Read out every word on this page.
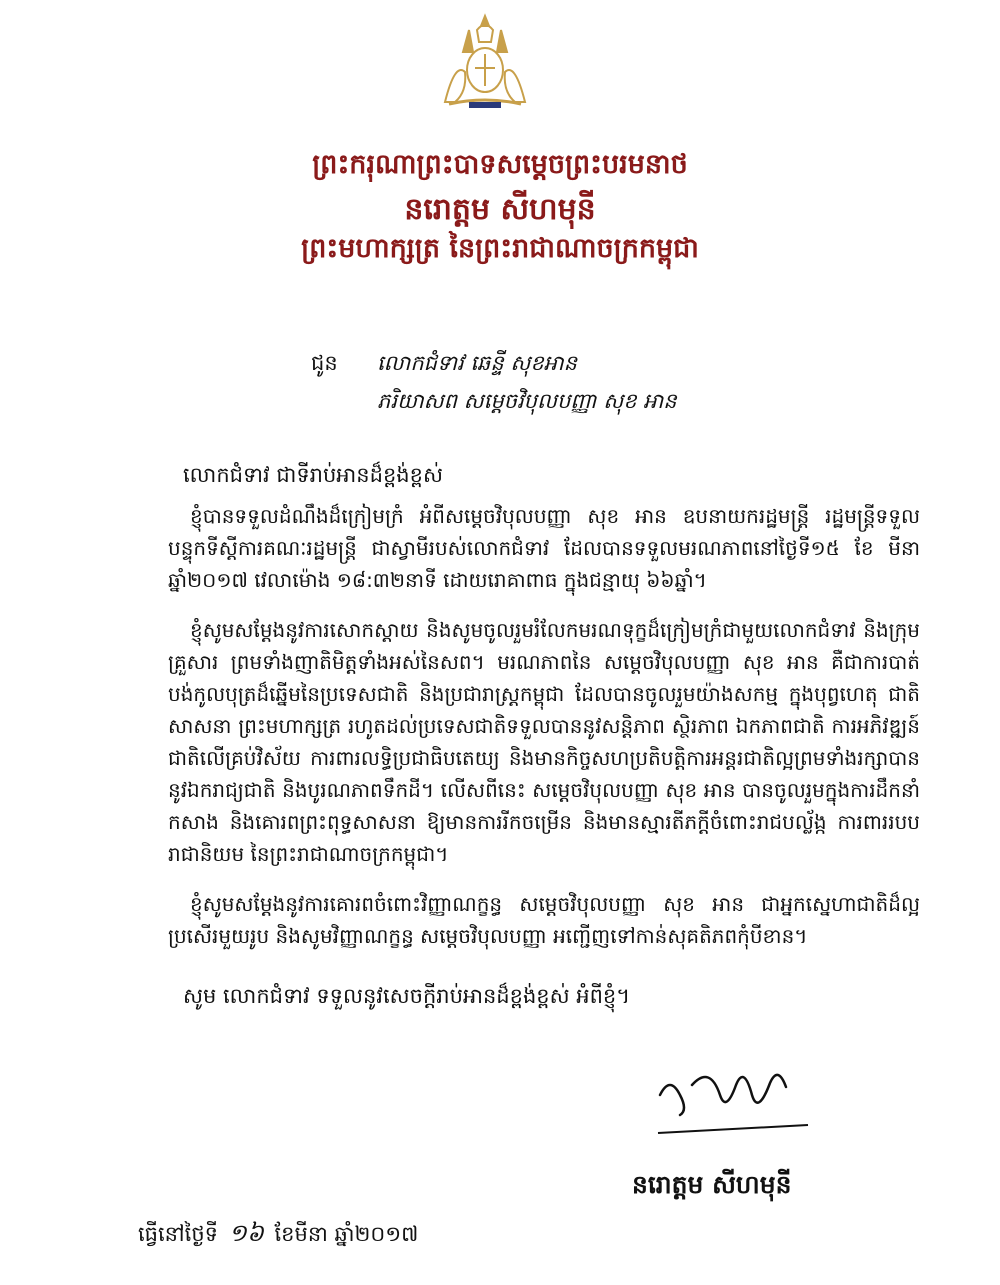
ព្រះករុណាព្រះបាទសម្ដេចព្រះបរមនាថ
នរោត្តម សីហមុនី
ព្រះមហាក្សត្រ នៃព្រះរាជាណាចក្រកម្ពុជា
ជូន លោកជំទាវ ឆេន្ទី សុខអាន
ភរិយាសព សម្ដេចវិបុលបញ្ញា សុខ អាន
លោកជំទាវ ជាទីរាប់អានដ៏ខ្ពង់ខ្ពស់

ខ្ញុំបានទទួលដំណឹងដ៏ក្រៀមក្រំ អំពីសម្ដេចវិបុលបញ្ញា សុខ អាន ឧបនាយករដ្ឋមន្ត្រី រដ្ឋមន្ត្រីទទួលបន្ទុកទីស្តីការគណៈរដ្ឋមន្ត្រី ជាស្វាមីរបស់លោកជំទាវ ដែលបានទទួលមរណភាពនៅថ្ងៃទី១៥ ខែ មីនា ឆ្នាំ២០១៧ វេលាម៉ោង ១៨:៣២នាទី ដោយរោគាពាធ ក្នុងជន្មាយុ ៦៦ឆ្នាំ។

ខ្ញុំសូមសម្ដែងនូវការសោកស្ដាយ និងសូមចូលរួមរំលែកមរណទុក្ខដ៏ក្រៀមក្រំជាមួយលោកជំទាវ និងក្រុមគ្រួសារ ព្រមទាំងញាតិមិត្តទាំងអស់នៃសព។ មរណភាពនៃ សម្ដេចវិបុលបញ្ញា សុខ អាន គឺជាការបាត់បង់កូលបុត្រដ៏ឆ្នើមនៃប្រទេសជាតិ និងប្រជារាស្ត្រកម្ពុជា ដែលបានចូលរួមយ៉ាងសកម្ម ក្នុងបុព្វហេតុ ជាតិ សាសនា ព្រះមហាក្សត្រ រហូតដល់ប្រទេសជាតិទទួលបាននូវសន្តិភាព ស្ថិរភាព ឯកភាពជាតិ ការអភិវឌ្ឍន៍ជាតិលើគ្រប់វិស័យ ការពារលទ្ធិប្រជាធិបតេយ្យ និងមានកិច្ចសហប្រតិបត្តិការអន្តរជាតិល្អព្រមទាំងរក្សាបាននូវឯករាជ្យជាតិ និងបូរណភាពទឹកដី។ លើសពីនេះ សម្ដេចវិបុលបញ្ញា សុខ អាន បានចូលរួមក្នុងការដឹកនាំកសាង និងគោរពព្រះពុទ្ធសាសនា ឱ្យមានការរីកចម្រើន និងមានស្មារតីភក្ដីចំពោះរាជបល្ល័ង្ក ការពាររបបរាជានិយម នៃព្រះរាជាណាចក្រកម្ពុជា។

ខ្ញុំសូមសម្ដែងនូវការគោរពចំពោះវិញ្ញាណក្ខន្ធ សម្ដេចវិបុលបញ្ញា សុខ អាន ជាអ្នកស្នេហាជាតិដ៏ល្អប្រសើរមួយរូប និងសូមវិញ្ញាណក្ខន្ធ សម្ដេចវិបុលបញ្ញា អញ្ជើញទៅកាន់សុគតិភពកុំបីខាន។

សូម លោកជំទាវ ទទួលនូវសេចក្ដីរាប់អានដ៏ខ្ពង់ខ្ពស់ អំពីខ្ញុំ។
នរោត្តម សីហមុនី
ធ្វើនៅថ្ងៃទី ១៦ ខែមីនា ឆ្នាំ២០១៧
